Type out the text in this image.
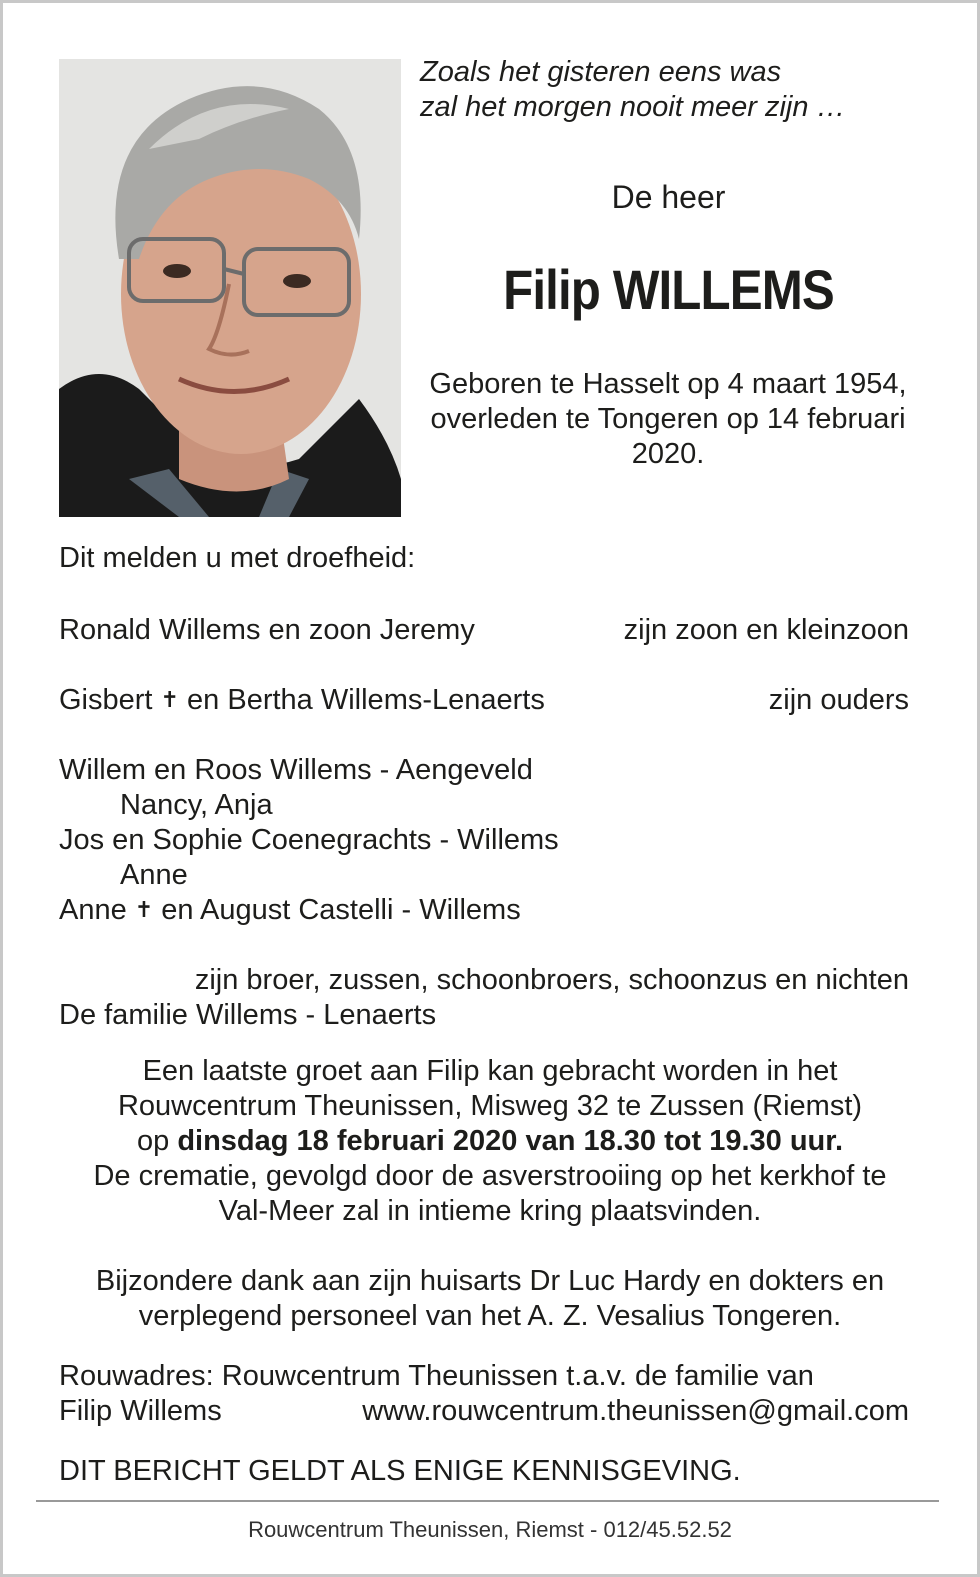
Zoals het gisteren eens was
zal het morgen nooit meer zijn …
De heer
Filip WILLEMS
Geboren te Hasselt op 4 maart 1954, overleden te Tongeren op 14 februari 2020.
Dit melden u met droefheid:
Ronald Willems en zoon Jeremy	zijn zoon en kleinzoon
Gisbert ✝ en Bertha Willems-Lenaerts	zijn ouders
Willem en Roos Willems - Aengeveld
Nancy, Anja
Jos en Sophie Coenegrachts - Willems
Anne
Anne ✝ en August Castelli - Willems
zijn broer, zussen, schoonbroers, schoonzus en nichten
De familie Willems - Lenaerts
Een laatste groet aan Filip kan gebracht worden in het
Rouwcentrum Theunissen, Misweg 32 te Zussen (Riemst)
op dinsdag 18 februari 2020 van 18.30 tot 19.30 uur.
De crematie, gevolgd door de asverstrooiing op het kerkhof te
Val-Meer zal in intieme kring plaatsvinden.
Bijzondere dank aan zijn huisarts Dr Luc Hardy en dokters en
verplegend personeel van het A. Z. Vesalius Tongeren.
Rouwadres: Rouwcentrum Theunissen t.a.v. de familie van
Filip Willems	www.rouwcentrum.theunissen@gmail.com
DIT BERICHT GELDT ALS ENIGE KENNISGEVING.
Rouwcentrum Theunissen, Riemst - 012/45.52.52
